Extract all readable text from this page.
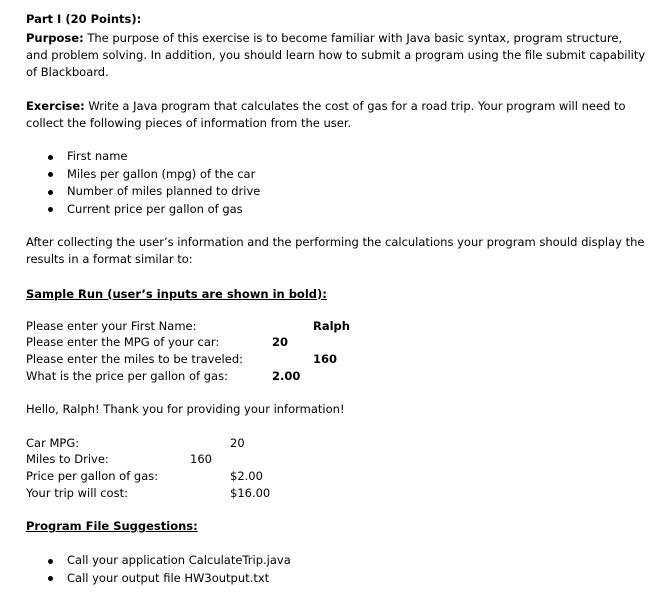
Part I (20 Points):
Purpose: The purpose of this exercise is to become familiar with Java basic syntax, program structure, and problem solving. In addition, you should learn how to submit a program using the file submit capability of Blackboard.
Exercise: Write a Java program that calculates the cost of gas for a road trip. Your program will need to collect the following pieces of information from the user.
First name
Miles per gallon (mpg) of the car
Number of miles planned to drive
Current price per gallon of gas
After collecting the user’s information and the performing the calculations your program should display the results in a format similar to:
Sample Run (user’s inputs are shown in bold):
Please enter your First Name:	Ralph
Please enter the MPG of your car:	20
Please enter the miles to be traveled:	160
What is the price per gallon of gas:	2.00
Hello, Ralph! Thank you for providing your information!
Car MPG:	20
Miles to Drive:	160
Price per gallon of gas:	$2.00
Your trip will cost:	$16.00
Program File Suggestions:
Call your application CalculateTrip.java
Call your output file HW3output.txt
